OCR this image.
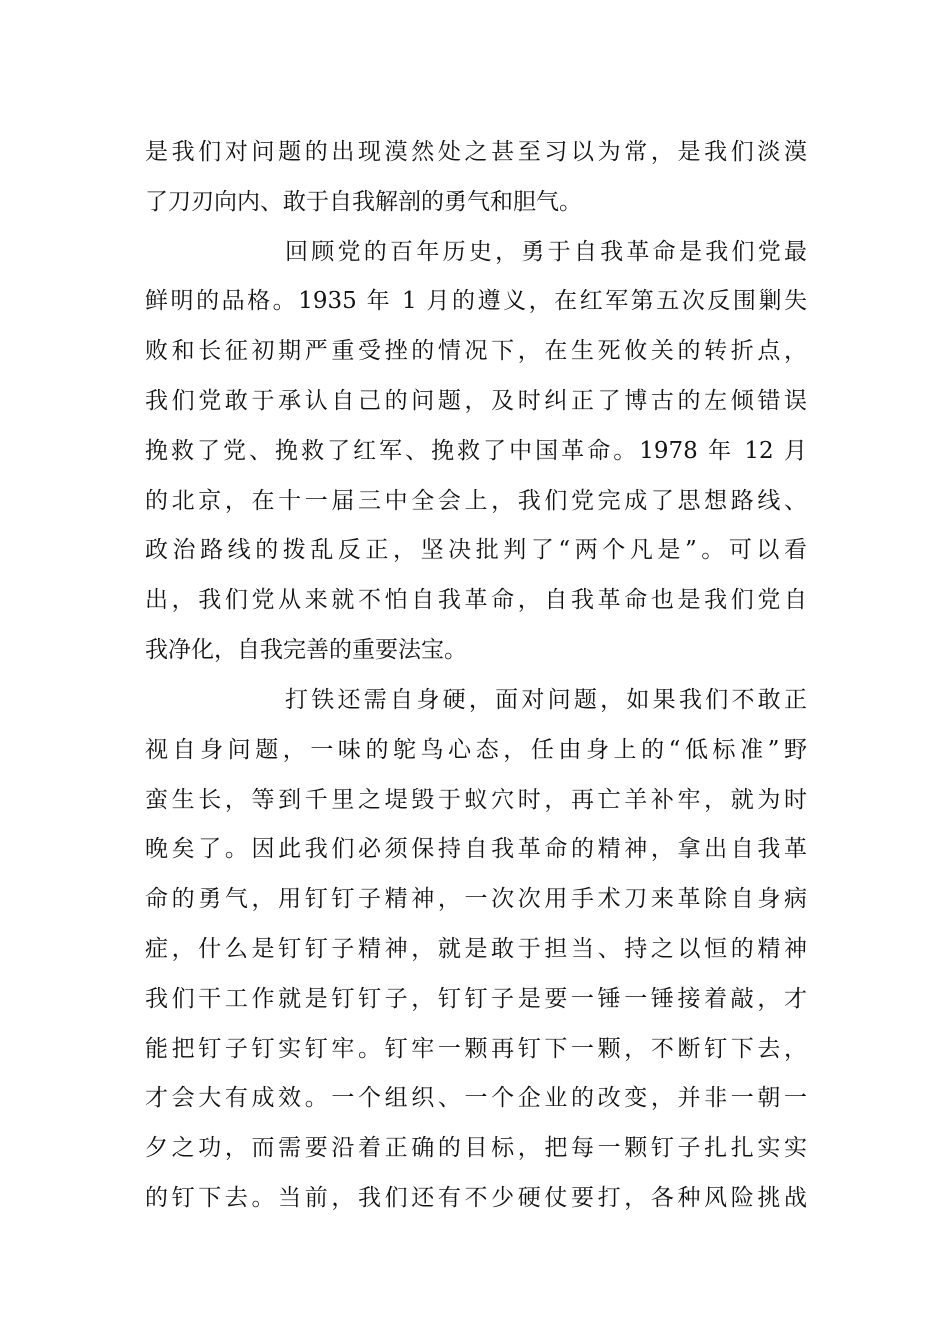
是我们对问题的出现漠然处之甚至习以为常，是我们淡漠
了刀刃向内、敢于自我解剖的勇气和胆气。
回顾党的百年历史，勇于自我革命是我们党最
鲜明的品格。1935 年 1 月的遵义，在红军第五次反围剿失
败和长征初期严重受挫的情况下，在生死攸关的转折点，
我们党敢于承认自己的问题，及时纠正了博古的左倾错误
挽救了党、挽救了红军、挽救了中国革命。1978 年 12 月
的北京，在十一届三中全会上，我们党完成了思想路线、
政治路线的拨乱反正，坚决批判了“两个凡是”。可以看
出，我们党从来就不怕自我革命，自我革命也是我们党自
我净化，自我完善的重要法宝。
打铁还需自身硬，面对问题，如果我们不敢正
视自身问题，一味的鸵鸟心态，任由身上的“低标准”野
蛮生长，等到千里之堤毁于蚁穴时，再亡羊补牢，就为时
晚矣了。因此我们必须保持自我革命的精神，拿出自我革
命的勇气，用钉钉子精神，一次次用手术刀来革除自身病
症，什么是钉钉子精神，就是敢于担当、持之以恒的精神
我们干工作就是钉钉子，钉钉子是要一锤一锤接着敲，才
能把钉子钉实钉牢。钉牢一颗再钉下一颗，不断钉下去，
才会大有成效。一个组织、一个企业的改变，并非一朝一
夕之功，而需要沿着正确的目标，把每一颗钉子扎扎实实
的钉下去。当前，我们还有不少硬仗要打，各种风险挑战
